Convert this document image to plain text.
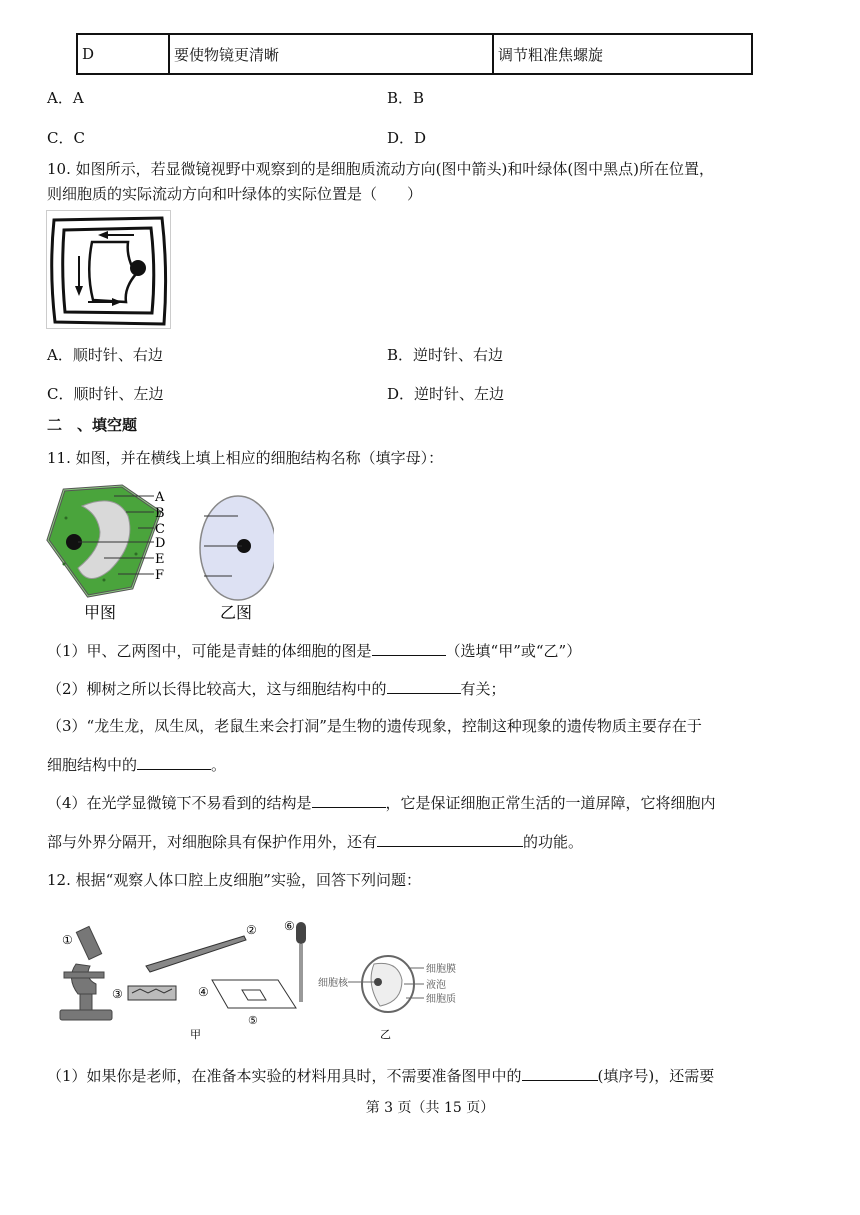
D	要使物镜更清晰	调节粗准焦螺旋
A．A	B．B
C．C	D．D
10. 如图所示，若显微镜视野中观察到的是细胞质流动方向(图中箭头)和叶绿体(图中黑点)所在位置，
则细胞质的实际流动方向和叶绿体的实际位置是（　　）
A．顺时针、右边	B．逆时针、右边
C．顺时针、左边	D．逆时针、左边
二　、填空题
11. 如图，并在横线上填上相应的细胞结构名称（填字母）：
A
B
C
D
E
F
甲图	乙图
（1）甲、乙两图中，可能是青蛙的体细胞的图是	（选填“甲”或“乙”）
（2）柳树之所以长得比较高大，这与细胞结构中的	有关；
（3）“龙生龙，凤生凤，老鼠生来会打洞”是生物的遗传现象，控制这种现象的遗传物质主要存在于
细胞结构中的	。
（4）在光学显微镜下不易看到的结构是	，它是保证细胞正常生活的一道屏障，它将细胞内
部与外界分隔开，对细胞除具有保护作用外，还有	的功能。
12. 根据“观察人体口腔上皮细胞”实验，回答下列问题：
①
②
③	④
⑤
甲
⑥
细胞核
细胞膜
液泡
细胞质
乙
（1）如果你是老师，在准备本实验的材料用具时，不需要准备图甲中的	(填序号)，还需要
第 3 页（共 15 页）
